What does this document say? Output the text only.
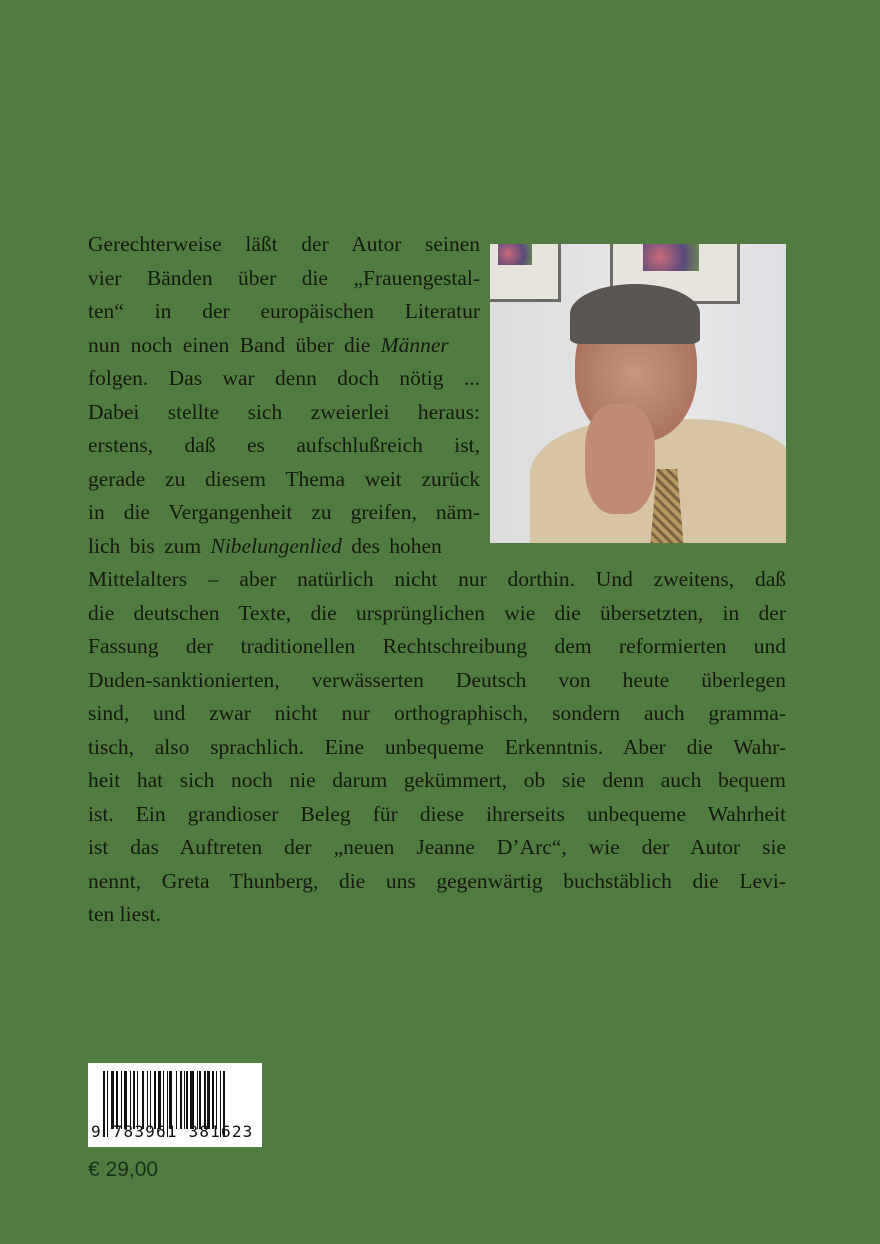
Gerechterweise läßt der Autor seinen
vier Bänden über die „Frauengestal-
ten“ in der europäischen Literatur
nun noch einen Band über die Männer
folgen. Das war denn doch nötig ...
Dabei stellte sich zweierlei heraus:
erstens, daß es aufschlußreich ist,
gerade zu diesem Thema weit zurück
in die Vergangenheit zu greifen, näm-
lich bis zum Nibelungenlied des hohen
Mittelalters – aber natürlich nicht nur dorthin. Und zweitens, daß
die deutschen Texte, die ursprünglichen wie die übersetzten, in der
Fassung der traditionellen Rechtschreibung dem reformierten und
Duden-sanktionierten, verwässerten Deutsch von heute überlegen
sind, und zwar nicht nur orthographisch, sondern auch gramma-
tisch, also sprachlich. Eine unbequeme Erkenntnis. Aber die Wahr-
heit hat sich noch nie darum gekümmert, ob sie denn auch bequem
ist. Ein grandioser Beleg für diese ihrerseits unbequeme Wahrheit
ist das Auftreten der „neuen Jeanne D’Arc“, wie der Autor sie
nennt, Greta Thunberg, die uns gegenwärtig buchstäblich die Levi-
ten liest.
9 783961 381623
€ 29,00
